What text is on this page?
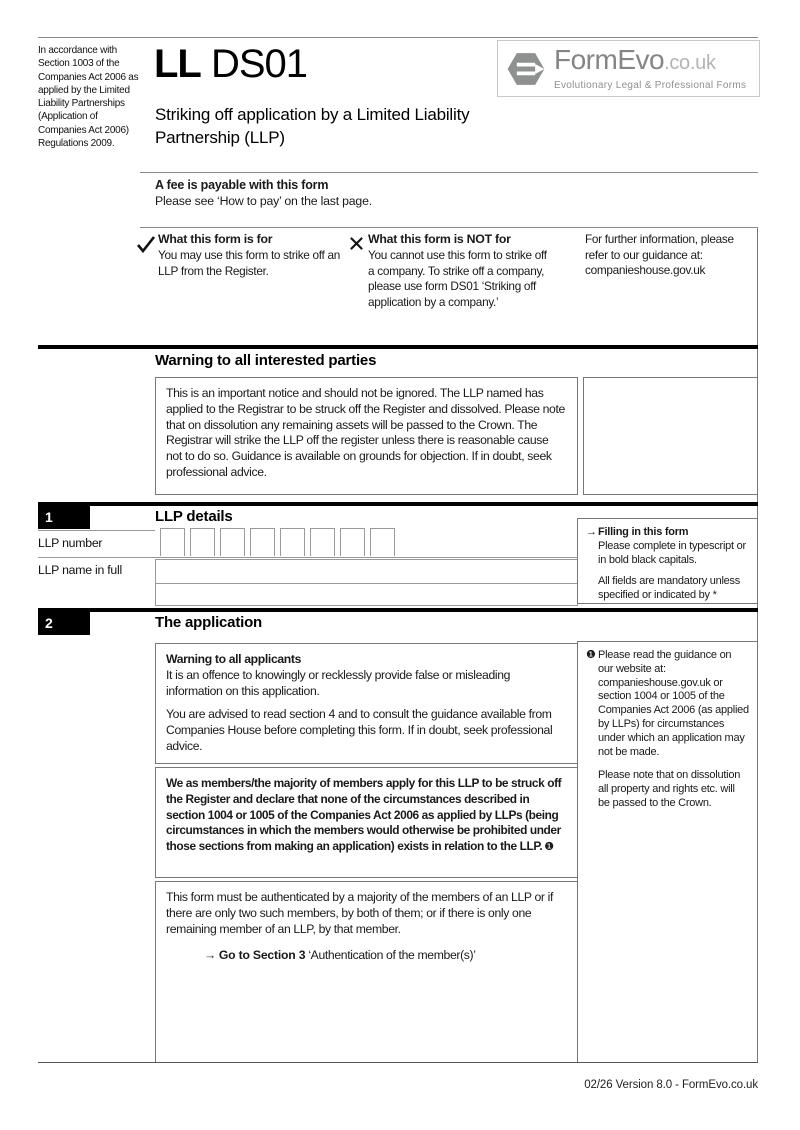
In accordance with Section 1003 of the Companies Act 2006 as applied by the Limited Liability Partnerships (Application of Companies Act 2006) Regulations 2009.
LL DS01
Striking off application by a Limited Liability Partnership (LLP)
FormEvo.co.uk
Evolutionary Legal & Professional Forms
A fee is payable with this form
Please see ‘How to pay’ on the last page.
What this form is for

You may use this form to strike off an LLP from the Register.

What this form is NOT for

You cannot use this form to strike off a company. To strike off a company, please use form DS01 ‘Striking off application by a company.’

For further information, please refer to our guidance at: companieshouse.gov.uk

Warning to all interested parties
This is an important notice and should not be ignored. The LLP named has applied to the Registrar to be struck off the Register and dissolved. Please note that on dissolution any remaining assets will be passed to the Crown. The Registrar will strike the LLP off the register unless there is reasonable cause not to do so. Guidance is available on grounds for objection. If in doubt, seek professional advice.
1	LLP details
LLP number
LLP name in full
→ Filling in this form
Please complete in typescript or in bold black capitals.
All fields are mandatory unless specified or indicated by *
2	The application
Warning to all applicants
It is an offence to knowingly or recklessly provide false or misleading information on this application.
You are advised to read section 4 and to consult the guidance available from Companies House before completing this form. If in doubt, seek professional advice.
We as members/the majority of members apply for this LLP to be struck off the Register and declare that none of the circumstances described in section 1004 or 1005 of the Companies Act 2006 as applied by LLPs (being circumstances in which the members would otherwise be prohibited under those sections from making an application) exists in relation to the LLP. ❶
This form must be authenticated by a majority of the members of an LLP or if there are only two such members, by both of them; or if there is only one remaining member of an LLP, by that member.
→ Go to Section 3 ‘Authentication of the member(s)’
❶ Please read the guidance on our website at: companieshouse.gov.uk or section 1004 or 1005 of the Companies Act 2006 (as applied by LLPs) for circumstances under which an application may not be made.
Please note that on dissolution all property and rights etc. will be passed to the Crown.
02/26 Version 8.0 - FormEvo.co.uk
